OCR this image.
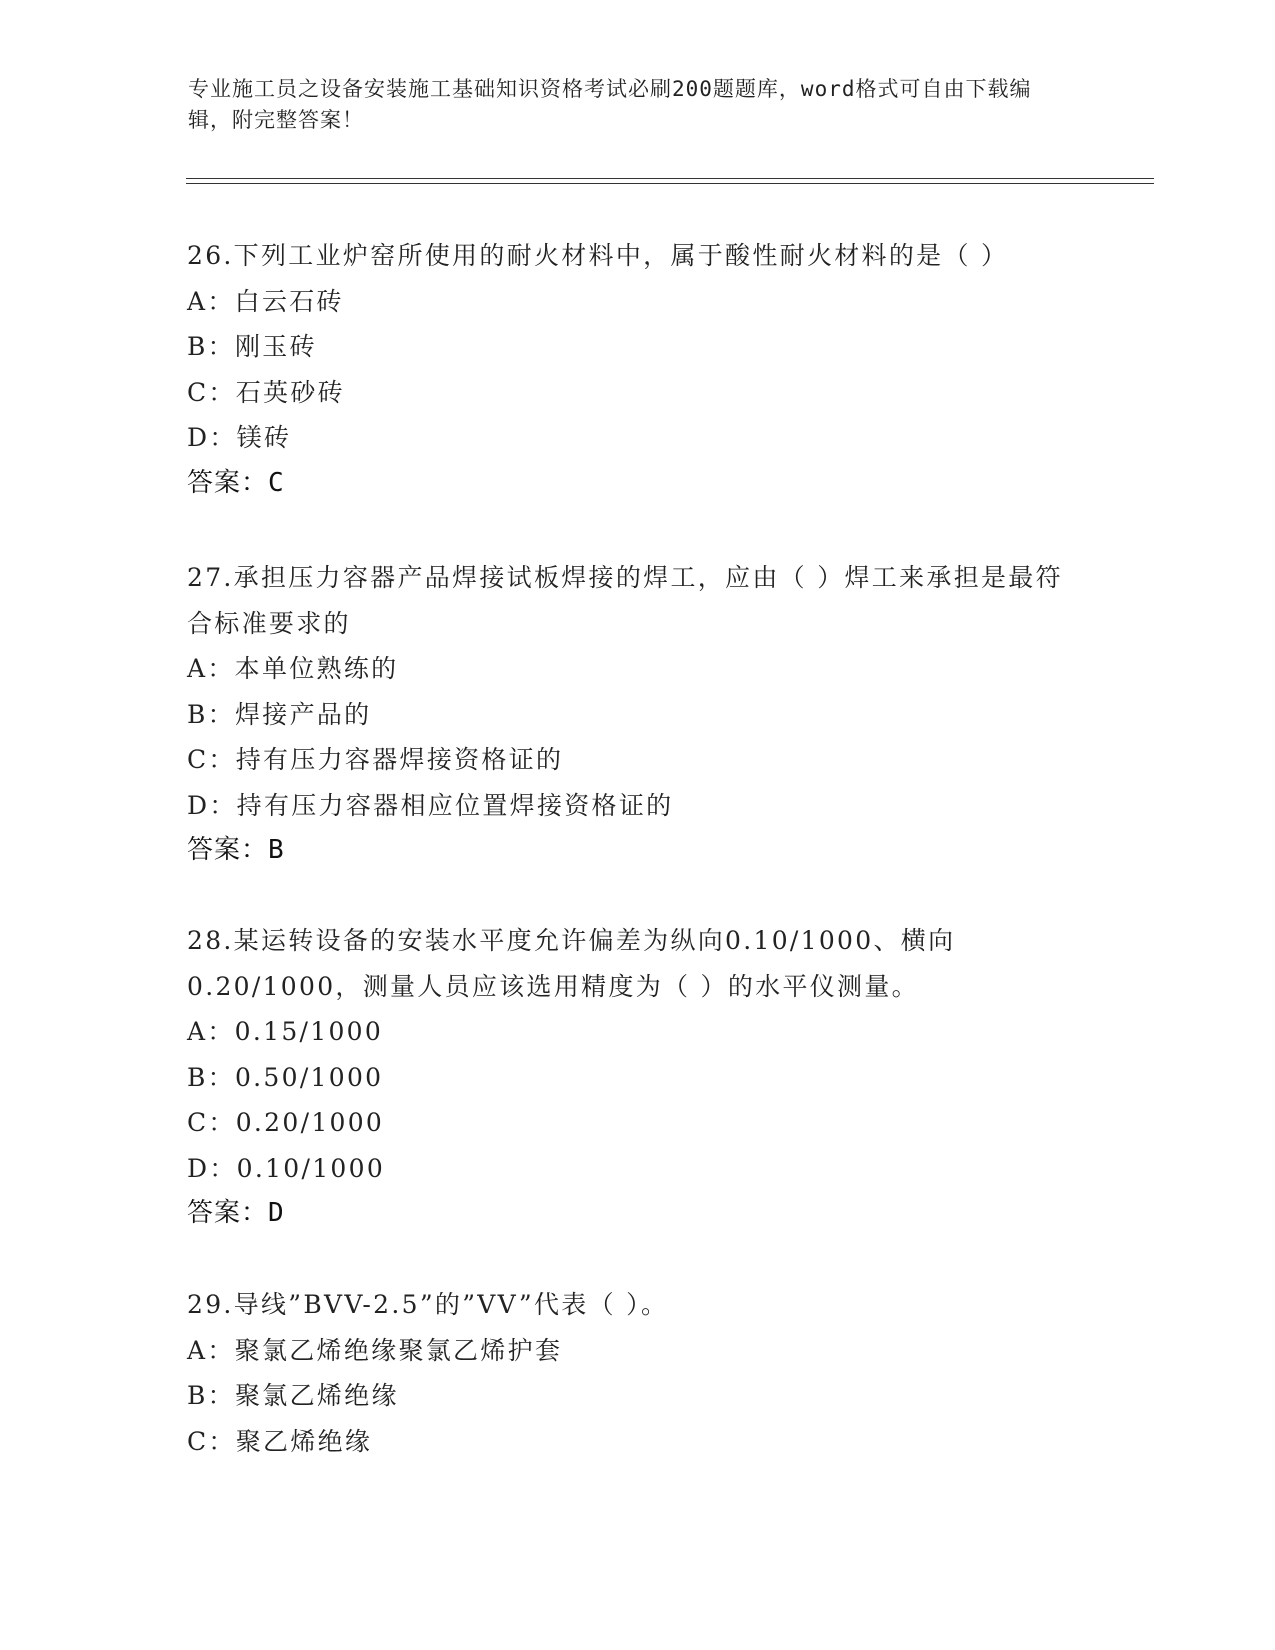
专业施工员之设备安装施工基础知识资格考试必刷200题题库，word格式可自由下载编辑，附完整答案！
26.下列工业炉窑所使用的耐火材料中，属于酸性耐火材料的是（ ）
A：白云石砖
B：刚玉砖
C：石英砂砖
D：镁砖
答案：C
27.承担压力容器产品焊接试板焊接的焊工，应由（ ）焊工来承担是最符合标准要求的
A：本单位熟练的
B：焊接产品的
C：持有压力容器焊接资格证的
D：持有压力容器相应位置焊接资格证的
答案：B
28.某运转设备的安装水平度允许偏差为纵向0.10/1000、横向0.20/1000，测量人员应该选用精度为（ ）的水平仪测量。
A：0.15/1000
B：0.50/1000
C：0.20/1000
D：0.10/1000
答案：D
29.导线”BVV-2.5”的”VV”代表（ ）。
A：聚氯乙烯绝缘聚氯乙烯护套
B：聚氯乙烯绝缘
C：聚乙烯绝缘
